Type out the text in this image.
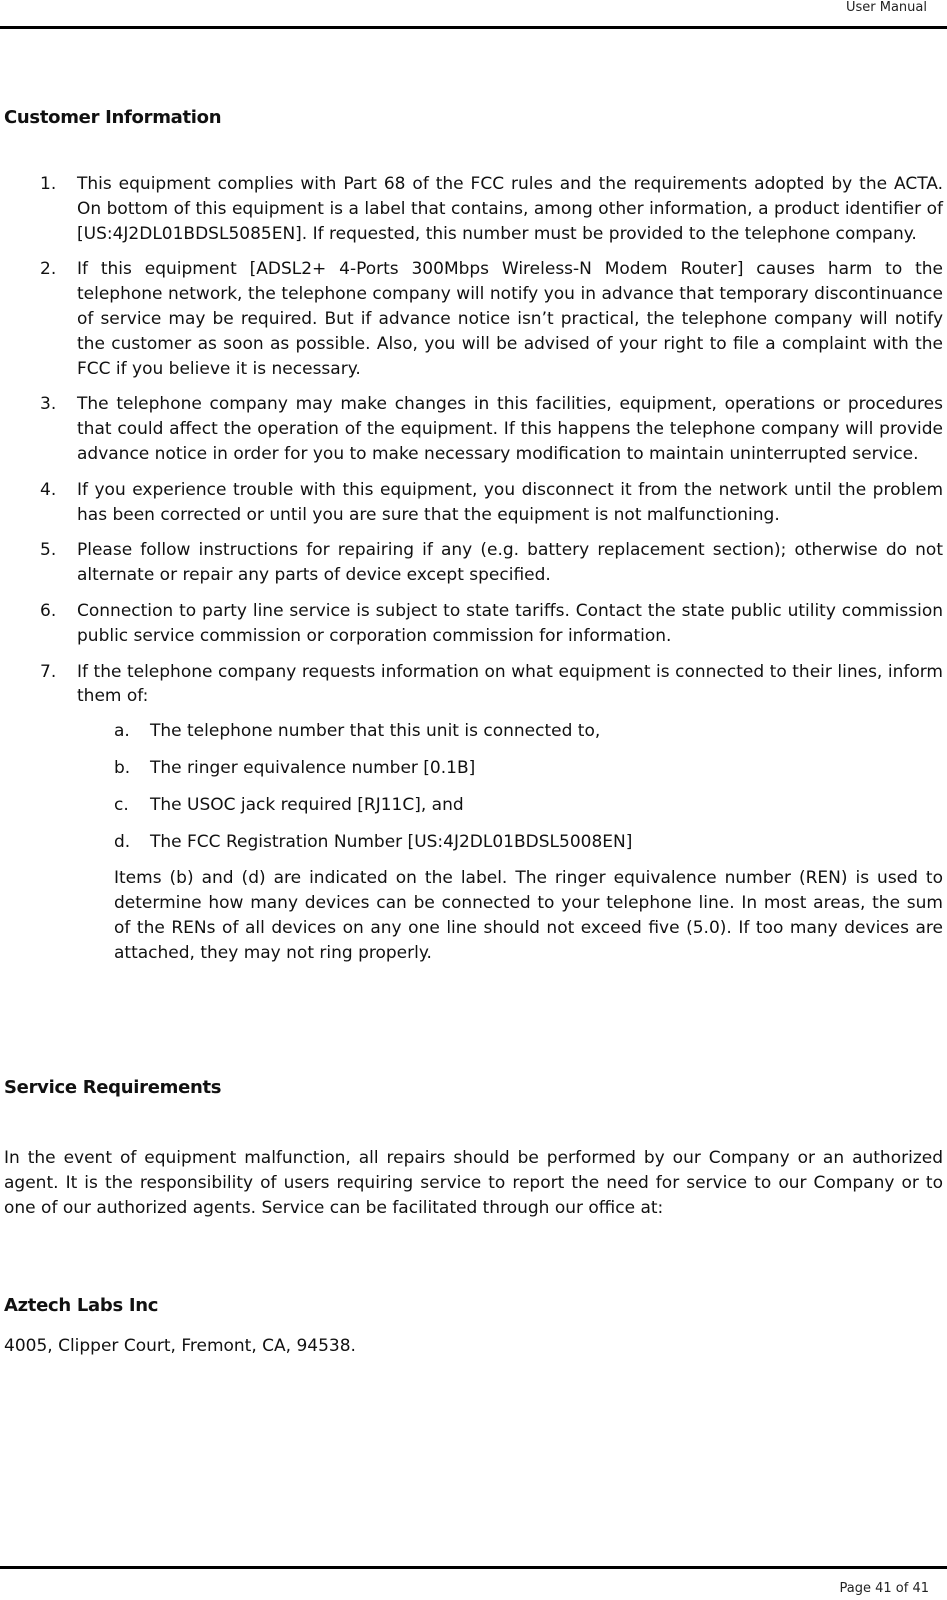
User Manual
Customer Information
1. This equipment complies with Part 68 of the FCC rules and the requirements adopted by the ACTA. On bottom of this equipment is a label that contains, among other information, a product identifier of [US:4J2DL01BDSL5085EN]. If requested, this number must be provided to the telephone company.

2. If this equipment [ADSL2+ 4-Ports 300Mbps Wireless-N Modem Router] causes harm to the telephone network, the telephone company will notify you in advance that temporary discontinuance of service may be required. But if advance notice isn’t practical, the telephone company will notify the customer as soon as possible. Also, you will be advised of your right to file a complaint with the FCC if you believe it is necessary.

3. The telephone company may make changes in this facilities, equipment, operations or procedures that could affect the operation of the equipment. If this happens the telephone company will provide advance notice in order for you to make necessary modification to maintain uninterrupted service.

4. If you experience trouble with this equipment, you disconnect it from the network until the problem has been corrected or until you are sure that the equipment is not malfunctioning.

5. Please follow instructions for repairing if any (e.g. battery replacement section); otherwise do not alternate or repair any parts of device except specified.

6. Connection to party line service is subject to state tariffs. Contact the state public utility commission public service commission or corporation commission for information.

7. If the telephone company requests information on what equipment is connected to their lines, inform them of:

a. The telephone number that this unit is connected to,
b. The ringer equivalence number [0.1B]
c. The USOC jack required [RJ11C], and
d. The FCC Registration Number [US:4J2DL01BDSL5008EN]

Items (b) and (d) are indicated on the label. The ringer equivalence number (REN) is used to determine how many devices can be connected to your telephone line. In most areas, the sum of the RENs of all devices on any one line should not exceed five (5.0). If too many devices are attached, they may not ring properly.

Service Requirements

In the event of equipment malfunction, all repairs should be performed by our Company or an authorized agent. It is the responsibility of users requiring service to report the need for service to our Company or to one of our authorized agents. Service can be facilitated through our office at:

Aztech Labs Inc

4005, Clipper Court, Fremont, CA, 94538.

Page 41 of 41
